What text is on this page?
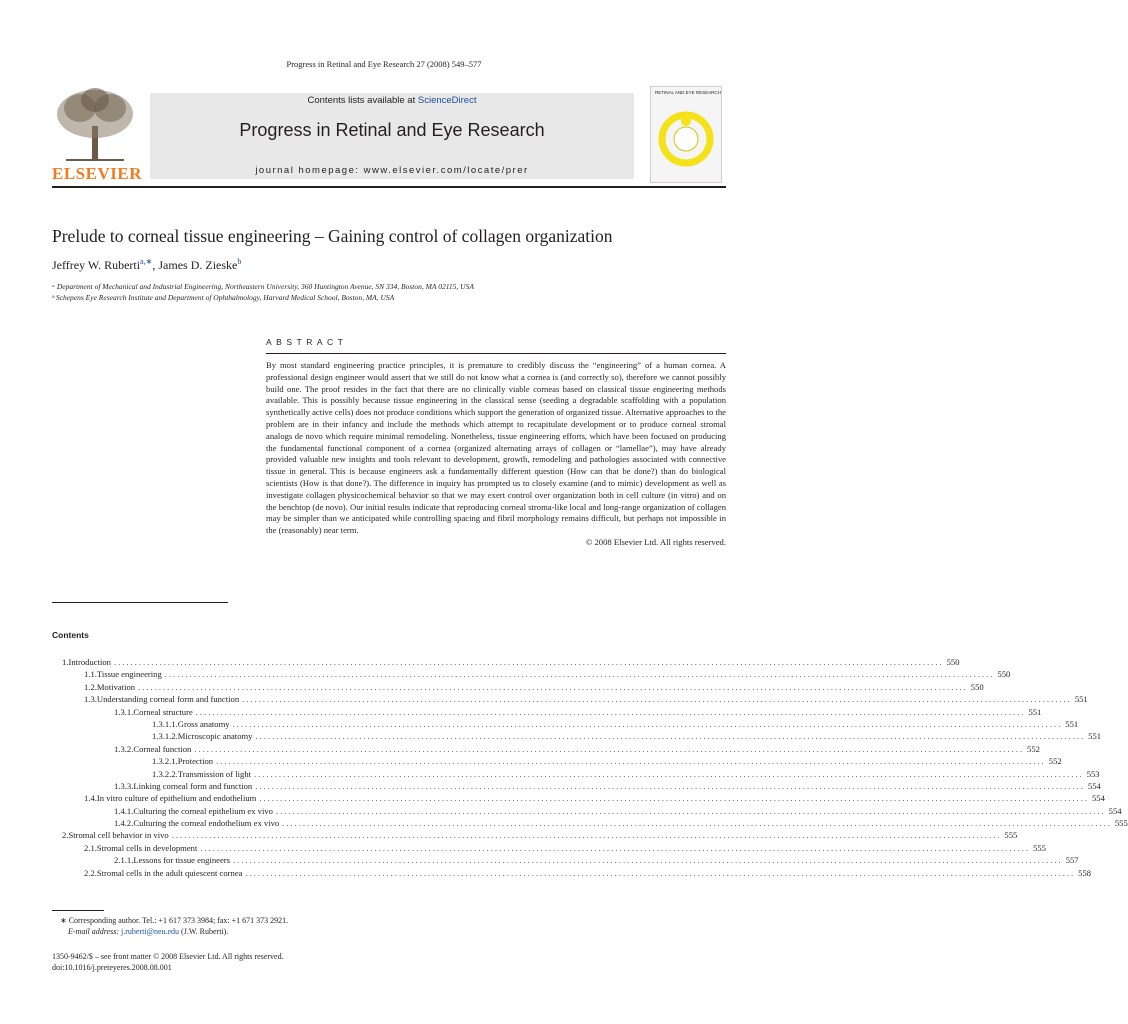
Progress in Retinal and Eye Research 27 (2008) 549–577
ELSEVIER
Contents lists available at ScienceDirect
Progress in Retinal and Eye Research
journal homepage: www.elsevier.com/locate/prer
RETINAL AND EYE RESEARCH
Prelude to corneal tissue engineering – Gaining control of collagen organization
Jeffrey W. Ruberti$^{a,∗}$, James D. Zieske$^b$
ᵃ Department of Mechanical and Industrial Engineering, Northeastern University, 360 Huntington Avenue, SN 334, Boston, MA 02115, USA
ᵇ Schepens Eye Research Institute and Department of Ophthalmology, Harvard Medical School, Boston, MA, USA
ABSTRACT
By most standard engineering practice principles, it is premature to credibly discuss the “engineering” of a human cornea. A professional design engineer would assert that we still do not know what a cornea is (and correctly so), therefore we cannot possibly build one. The proof resides in the fact that there are no clinically viable corneas based on classical tissue engineering methods available. This is possibly because tissue engineering in the classical sense (seeding a degradable scaffolding with a population synthetically active cells) does not produce conditions which support the generation of organized tissue. Alternative approaches to the problem are in their infancy and include the methods which attempt to recapitulate development or to produce corneal stromal analogs de novo which require minimal remodeling. Nonetheless, tissue engineering efforts, which have been focused on producing the fundamental functional component of a cornea (organized alternating arrays of collagen or “lamellae”), may have already provided valuable new insights and tools relevant to development, growth, remodeling and pathologies associated with connective tissue in general. This is because engineers ask a fundamentally different question (How can that be done?) than do biological scientists (How is that done?). The difference in inquiry has prompted us to closely examine (and to mimic) development as well as investigate collagen physicochemical behavior so that we may exert control over organization both in cell culture (in vitro) and on the benchtop (de novo). Our initial results indicate that reproducing corneal stroma-like local and long-range organization of collagen may be simpler than we anticipated while controlling spacing and fibril morphology remains difficult, but perhaps not impossible in the (reasonably) near term.
© 2008 Elsevier Ltd. All rights reserved.
Contents
1. Introduction ........................................................................................................................................................................................................ 550
1.1. Tissue engineering ........................................................................................................................................................................................................ 550
1.2. Motivation ........................................................................................................................................................................................................ 550
1.3. Understanding corneal form and function ........................................................................................................................................................................................................ 551
1.3.1. Corneal structure ........................................................................................................................................................................................................ 551
1.3.1.1. Gross anatomy ........................................................................................................................................................................................................ 551
1.3.1.2. Microscopic anatomy ........................................................................................................................................................................................................ 551
1.3.2. Corneal function ........................................................................................................................................................................................................ 552
1.3.2.1. Protection ........................................................................................................................................................................................................ 552
1.3.2.2. Transmission of light ........................................................................................................................................................................................................ 553
1.3.3. Linking corneal form and function ........................................................................................................................................................................................................ 554
1.4. In vitro culture of epithelium and endothelium ........................................................................................................................................................................................................ 554
1.4.1. Culturing the corneal epithelium ex vivo ........................................................................................................................................................................................................ 554
1.4.2. Culturing the corneal endothelium ex vivo ........................................................................................................................................................................................................ 555
2. Stromal cell behavior in vivo ........................................................................................................................................................................................................ 555
2.1. Stromal cells in development ........................................................................................................................................................................................................ 555
2.1.1. Lessons for tissue engineers ........................................................................................................................................................................................................ 557
2.2. Stromal cells in the adult quiescent cornea ........................................................................................................................................................................................................ 558
∗ Corresponding author. Tel.: +1 617 373 3984; fax: +1 671 373 2921.
E-mail address: j.ruberti@neu.edu (J.W. Ruberti).
1350-9462/$ – see front matter © 2008 Elsevier Ltd. All rights reserved.
doi:10.1016/j.preteyeres.2008.08.001
